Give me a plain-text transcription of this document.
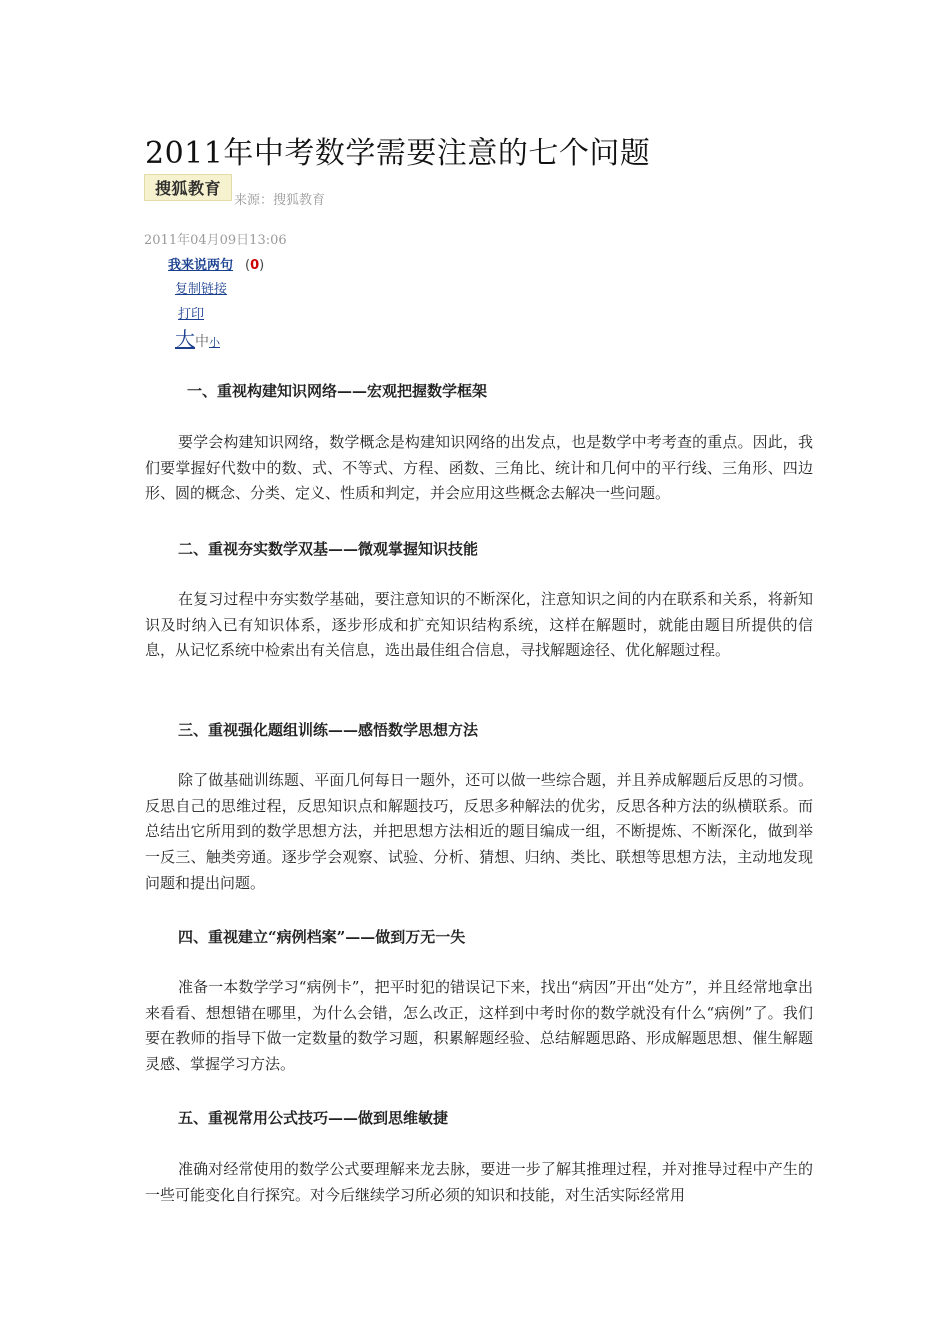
2011年中考数学需要注意的七个问题
搜狐教育
来源：搜狐教育
2011年04月09日13:06
我来说两句 (0)
复制链接
打印
大中小
一、重视构建知识网络——宏观把握数学框架

要学会构建知识网络，数学概念是构建知识网络的出发点，也是数学中考考查的重点。因此，我们要掌握好代数中的数、式、不等式、方程、函数、三角比、统计和几何中的平行线、三角形、四边形、圆的概念、分类、定义、性质和判定，并会应用这些概念去解决一些问题。

二、重视夯实数学双基——微观掌握知识技能

在复习过程中夯实数学基础，要注意知识的不断深化，注意知识之间的内在联系和关系，将新知识及时纳入已有知识体系，逐步形成和扩充知识结构系统，这样在解题时，就能由题目所提供的信息，从记忆系统中检索出有关信息，选出最佳组合信息，寻找解题途径、优化解题过程。

三、重视强化题组训练——感悟数学思想方法

除了做基础训练题、平面几何每日一题外，还可以做一些综合题，并且养成解题后反思的习惯。反思自己的思维过程，反思知识点和解题技巧，反思多种解法的优劣，反思各种方法的纵横联系。而总结出它所用到的数学思想方法，并把思想方法相近的题目编成一组，不断提炼、不断深化，做到举一反三、触类旁通。逐步学会观察、试验、分析、猜想、归纳、类比、联想等思想方法，主动地发现问题和提出问题。

四、重视建立“病例档案”——做到万无一失

准备一本数学学习“病例卡”，把平时犯的错误记下来，找出“病因”开出“处方”，并且经常地拿出来看看、想想错在哪里，为什么会错，怎么改正，这样到中考时你的数学就没有什么“病例”了。我们要在教师的指导下做一定数量的数学习题，积累解题经验、总结解题思路、形成解题思想、催生解题灵感、掌握学习方法。

五、重视常用公式技巧——做到思维敏捷

准确对经常使用的数学公式要理解来龙去脉，要进一步了解其推理过程，并对推导过程中产生的一些可能变化自行探究。对今后继续学习所必须的知识和技能，对生活实际经常用
